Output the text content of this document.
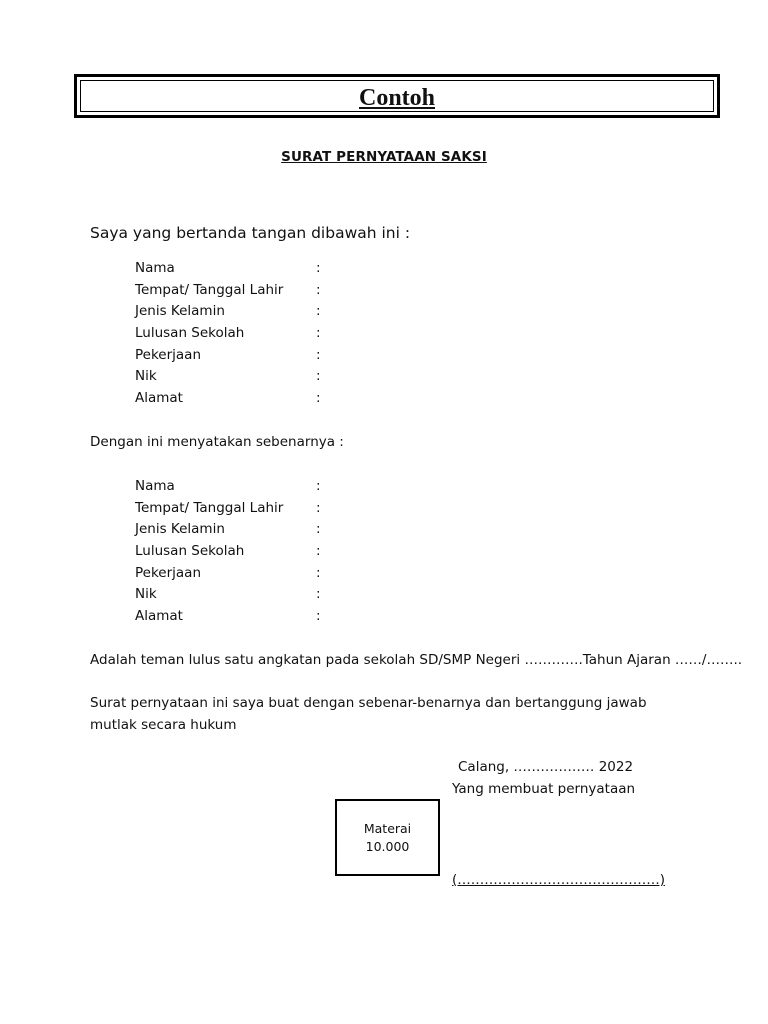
Contoh
SURAT PERNYATAAN SAKSI
Saya yang bertanda tangan dibawah ini :
Nama	:
Tempat/ Tanggal Lahir :
Jenis Kelamin	:
Lulusan Sekolah	:
Pekerjaan	:
Nik	:
Alamat	:
Dengan ini menyatakan sebenarnya :
Nama	:
Tempat/ Tanggal Lahir :
Jenis Kelamin	:
Lulusan Sekolah	:
Pekerjaan	:
Nik	:
Alamat	:
Adalah teman lulus satu angkatan pada sekolah SD/SMP Negeri ………….Tahun Ajaran ……/……..
Surat pernyataan ini saya buat dengan sebenar-benarnya dan bertanggung jawab mutlak secara hukum
Calang, ……………… 2022
Yang membuat pernyataan
Materai
10.000
(………………………………………)
